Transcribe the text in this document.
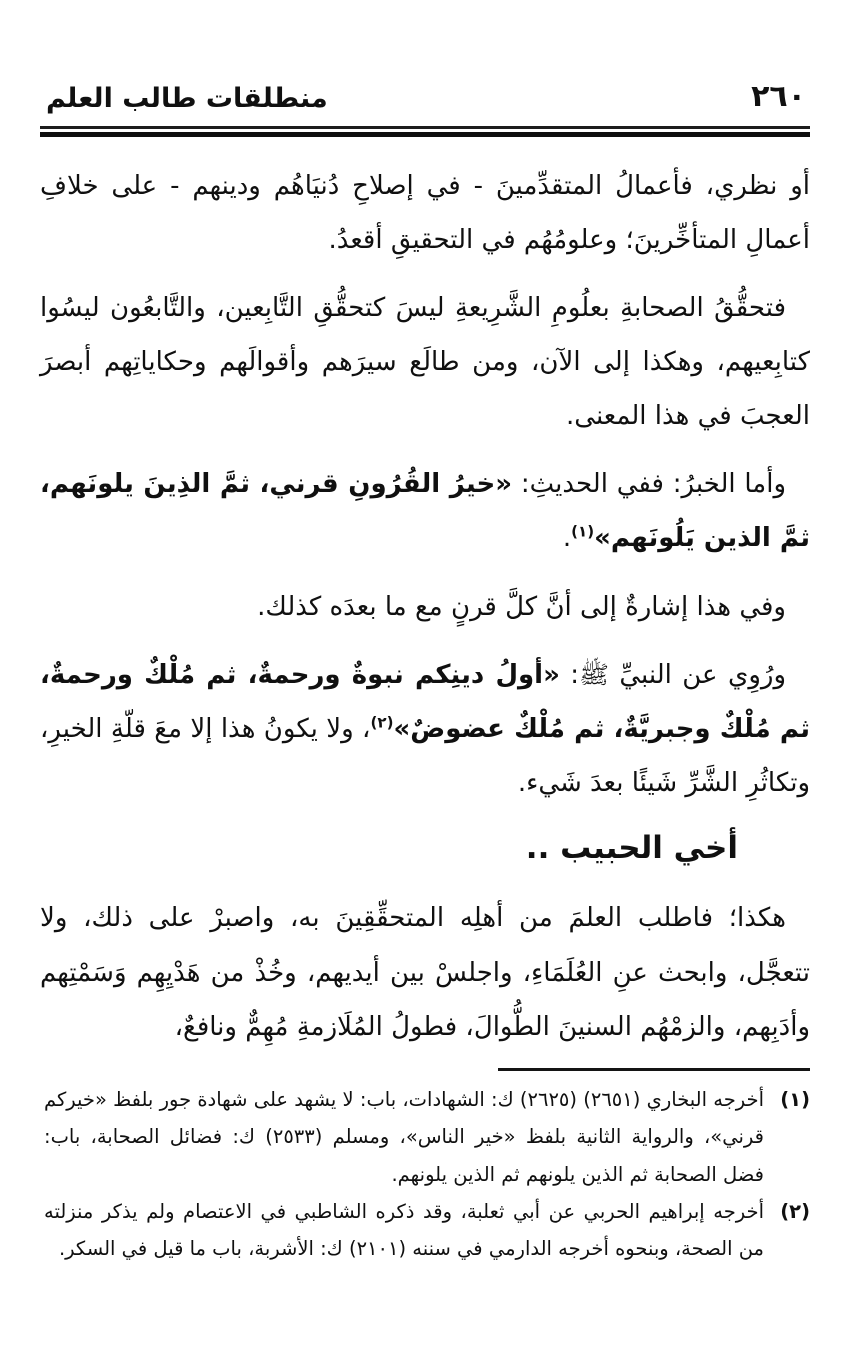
٢٦٠
منطلقات طالب العلم

أو نظري، فأعمالُ المتقدِّمينَ - في إصلاحِ دُنيَاهُم ودينهم - على خلافِ أعمالِ المتأخِّرينَ؛ وعلومُهُم في التحقيقِ أقعدُ.

فتحقُّقُ الصحابةِ بعلُومِ الشَّرِيعةِ ليسَ كتحقُّقِ التَّابِعين، والتَّابعُون ليسُوا كتابِعيهم، وهكذا إلى الآن، ومن طالَع سيرَهم وأقوالَهم وحكاياتِهم أبصرَ العجبَ في هذا المعنى.

وأما الخبرُ: ففي الحديثِ: «خيرُ القُرُونِ قرني، ثمَّ الذِينَ يلونَهم، ثمَّ الذين يَلُونَهم»$^{(١)}$.

وفي هذا إشارةٌ إلى أنَّ كلَّ قرنٍ مع ما بعدَه كذلك.

ورُوِي عن النبيِّ ﷺ: «أولُ دينِكم نبوةٌ ورحمةٌ، ثم مُلْكٌ ورحمةٌ، ثم مُلْكٌ وجبريَّةٌ، ثم مُلْكٌ عضوضٌ»$^{(٢)}$، ولا يكونُ هذا إلا معَ قلّةِ الخيرِ، وتكاثُرِ الشَّرِّ شَيئًا بعدَ شَيء.

أخي الحبيب ..

هكذا؛ فاطلب العلمَ من أهلِه المتحقِّقِينَ به، واصبرْ على ذلك، ولا تتعجَّل، وابحث عنِ العُلَمَاءِ، واجلسْ بين أيديهم، وخُذْ من هَدْيِهِم وَسَمْتِهم وأدَبِهم، والزمْهُم السنينَ الطُّوالَ، فطولُ المُلَازمةِ مُهِمٌّ ونافعٌ،

(١)
أخرجه البخاري (٢٦٥١) (٢٦٢٥) ك: الشهادات، باب: لا يشهد على شهادة جور بلفظ «خيركم قرني»، والرواية الثانية بلفظ «خير الناس»، ومسلم (٢٥٣٣) ك: فضائل الصحابة، باب: فضل الصحابة ثم الذين يلونهم ثم الذين يلونهم.
(٢)
أخرجه إبراهيم الحربي عن أبي ثعلبة، وقد ذكره الشاطبي في الاعتصام ولم يذكر منزلته من الصحة، وبنحوه أخرجه الدارمي في سننه (٢١٠١) ك: الأشربة، باب ما قيل في السكر.
